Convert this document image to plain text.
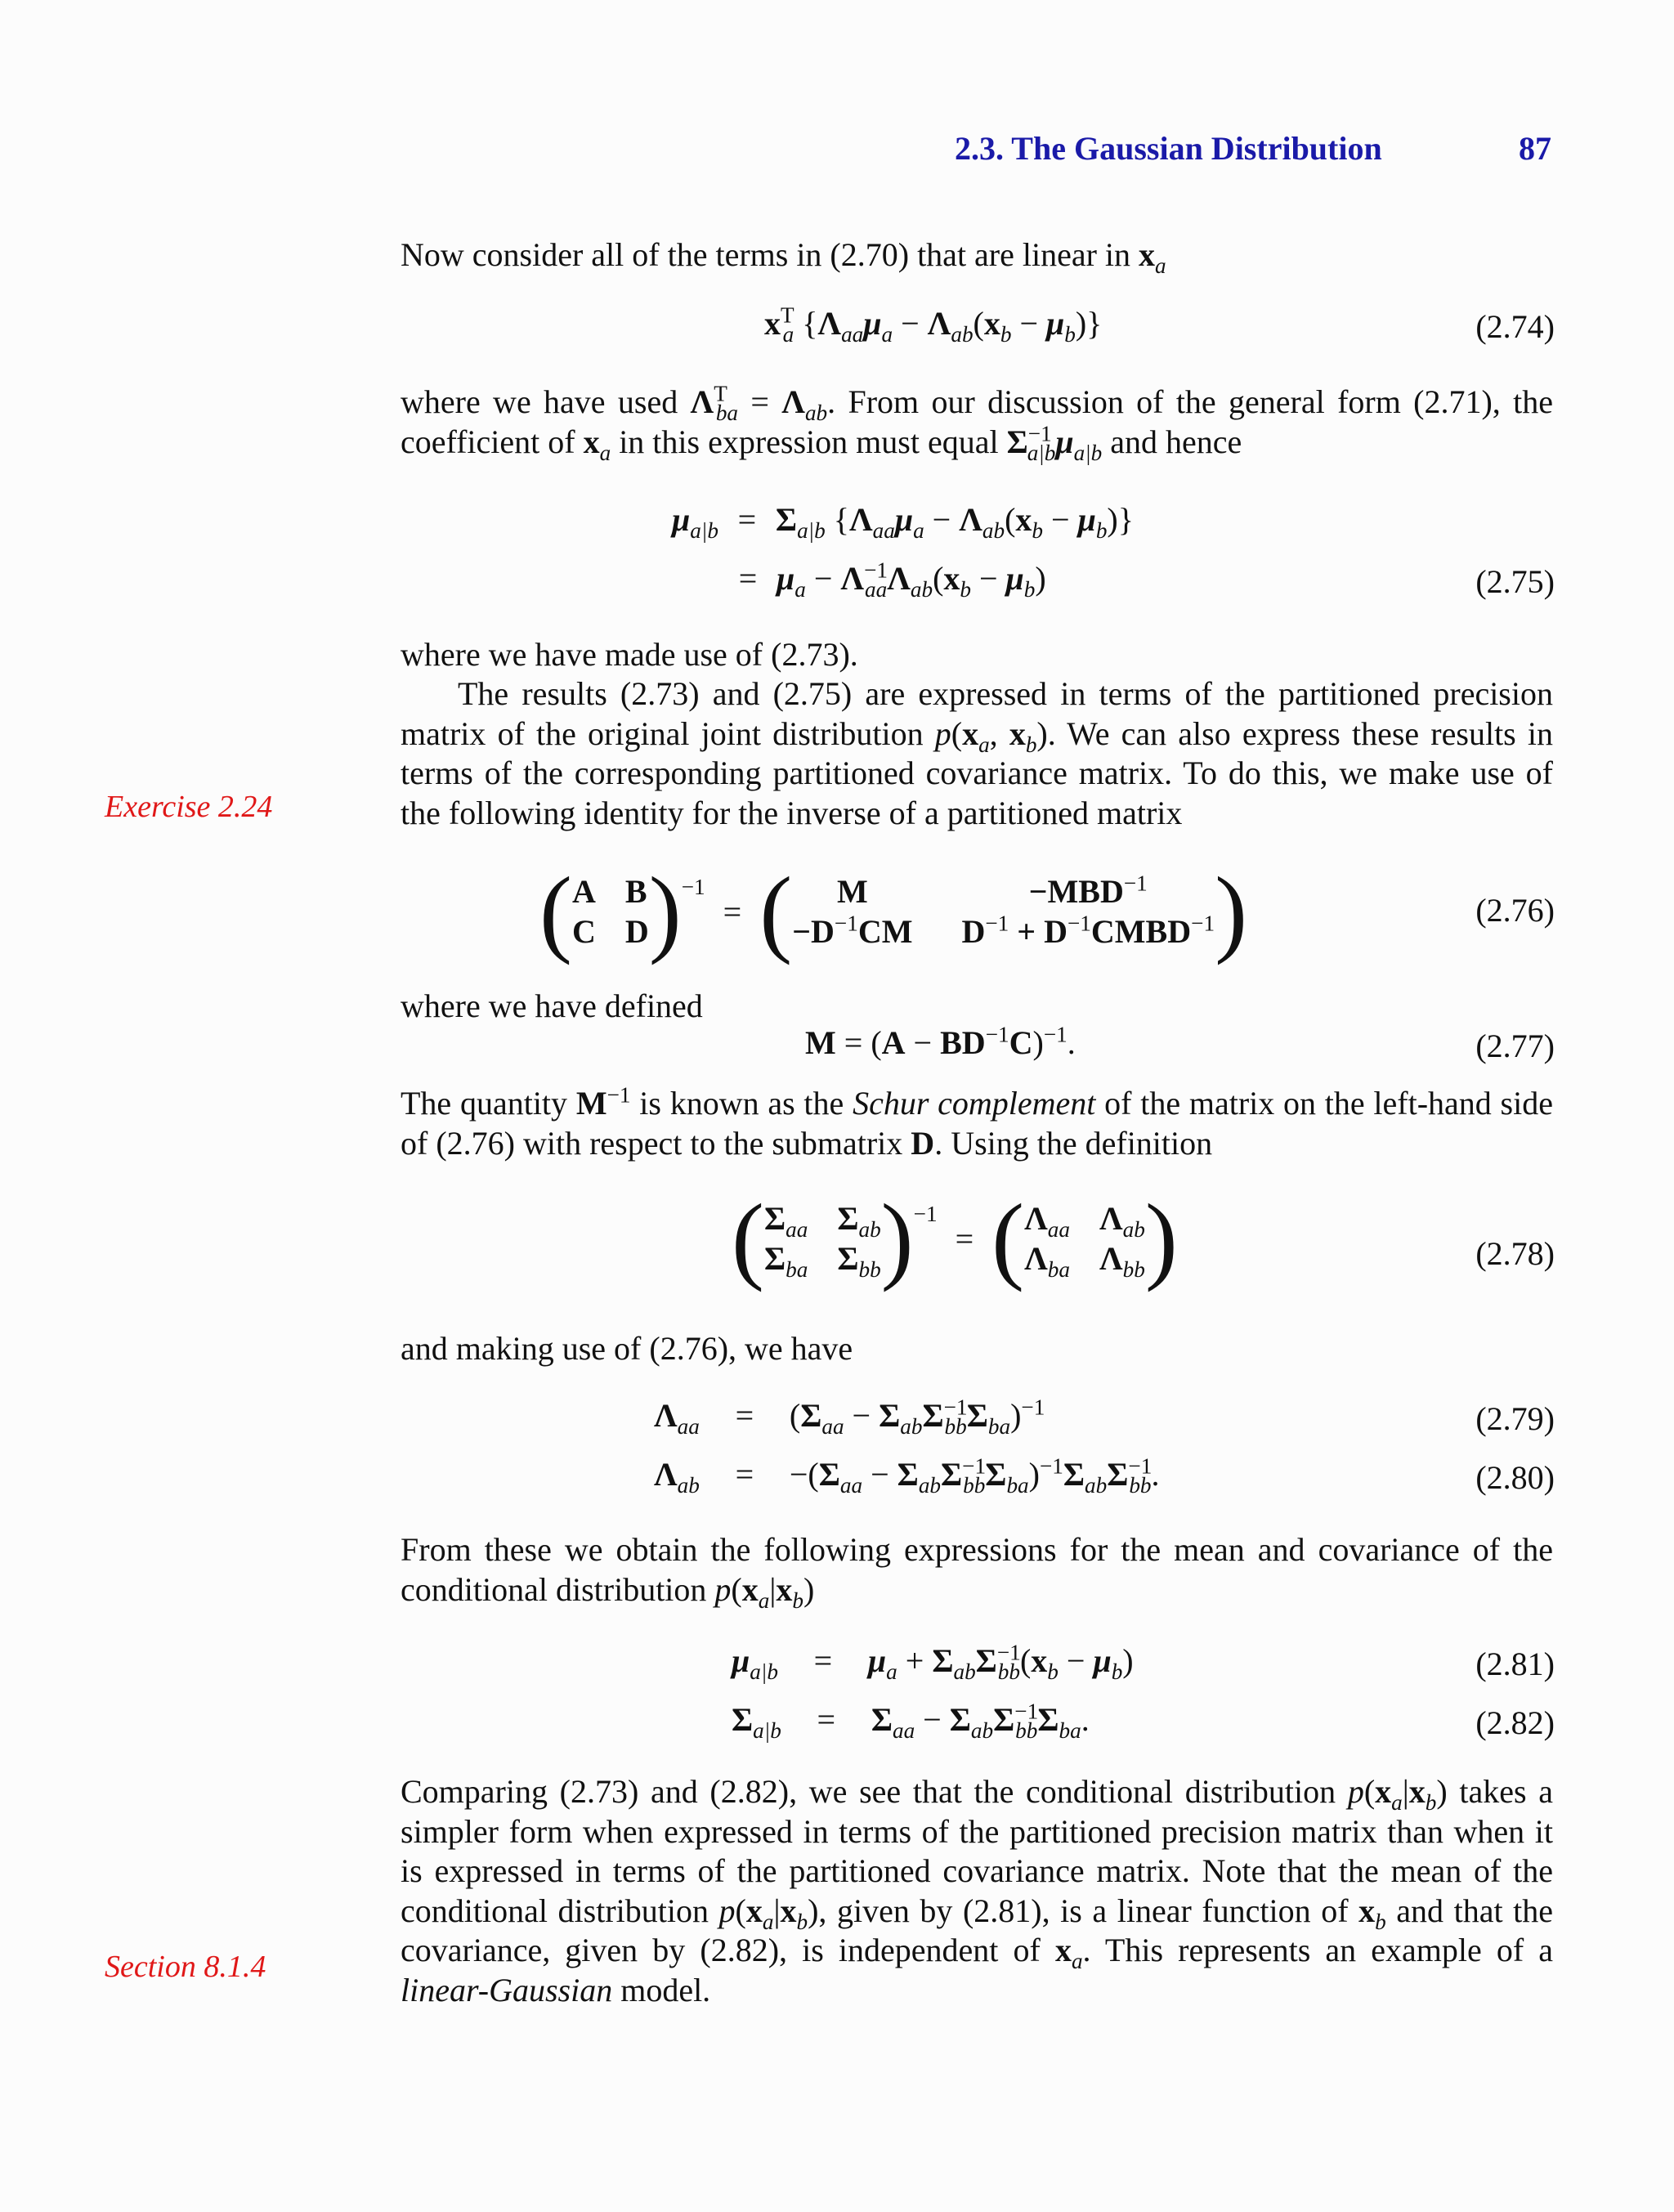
2.3. The Gaussian Distribution	87
Exercise 2.24
Section 8.1.4
Now consider all of the terms in (2.70) that are linear in $x_a$
$x^T_a$ $\{\Lambda_{aa}\mu_a - \Lambda_{ab}(x_b - \mu_b)\}$	(2.74)
where we have used $\Lambda^T_{ba} = \Lambda_{ab}$. From our discussion of the general form (2.71), the coefficient of $x_a$ in this expression must equal $\Sigma^{-1}_{a|b}\mu_{a|b}$ and hence
$\mu_{a|b} = \Sigma_{a|b}$ $\{\Lambda_{aa}\mu_a - \Lambda_{ab}(x_b - \mu_b)\}$
= $\mu_a - \Lambda^{-1}_{aa}\Lambda_{ab}(x_b - \mu_b)$	(2.75)
where we have made use of (2.73).
The results (2.73) and (2.75) are expressed in terms of the partitioned precision matrix of the original joint distribution $p(x_a$, $x_b$). We can also express these results in terms of the corresponding partitioned covariance matrix. To do this, we make use of the following identity for the inverse of a partitioned matrix
( A B
C D )$^{-1}$
= (	M	$-MBD^{-1}$
$-D^{-1}CM$ $D^{-1}$ + $D^{-1}CMBD^{-1}$ )	(2.76)
where we have defined
$M = (A - BD^{-1}C)^{-1}$.	(2.77)
The quantity $M^{-1}$ is known as the Schur complement of the matrix on the left-hand side of (2.76) with respect to the submatrix D. Using the definition
( $\Sigma_{aa}$ $\Sigma_{ab}$
$\Sigma_{ba}$ $\Sigma_{bb}$ )$^{-1}$
= ( $\Lambda_{aa}$ $\Lambda_{ab}$
$\Lambda_{ba}$ $\Lambda_{bb}$ )	(2.78)
and making use of (2.76), we have
$\Lambda_{aa} = (\Sigma_{aa} - \Sigma_{ab}\Sigma^{-1}_{bb}\Sigma_{ba})^{-1}$	(2.79)
$\Lambda_{ab} = -(\Sigma_{aa} - \Sigma_{ab}\Sigma^{-1}_{bb}\Sigma_{ba})^{-1}\Sigma_{ab}\Sigma^{-1}_{bb}$.	(2.80)
From these we obtain the following expressions for the mean and covariance of the conditional distribution $p(x_a|x_b)$
$\mu_{a|b} = \mu_a + \Sigma_{ab}\Sigma^{-1}_{bb}(x_b - \mu_b)$	(2.81)
$\Sigma_{a|b} = \Sigma_{aa} - \Sigma_{ab}\Sigma^{-1}_{bb}\Sigma_{ba}$.	(2.82)
Comparing (2.73) and (2.82), we see that the conditional distribution $p(x_a|x_b)$ takes a simpler form when expressed in terms of the partitioned precision matrix than when it is expressed in terms of the partitioned covariance matrix. Note that the mean of the conditional distribution $p(x_a|x_b)$, given by (2.81), is a linear function of $x_b$ and that the covariance, given by (2.82), is independent of $x_a$. This represents an example of a linear-Gaussian model.
